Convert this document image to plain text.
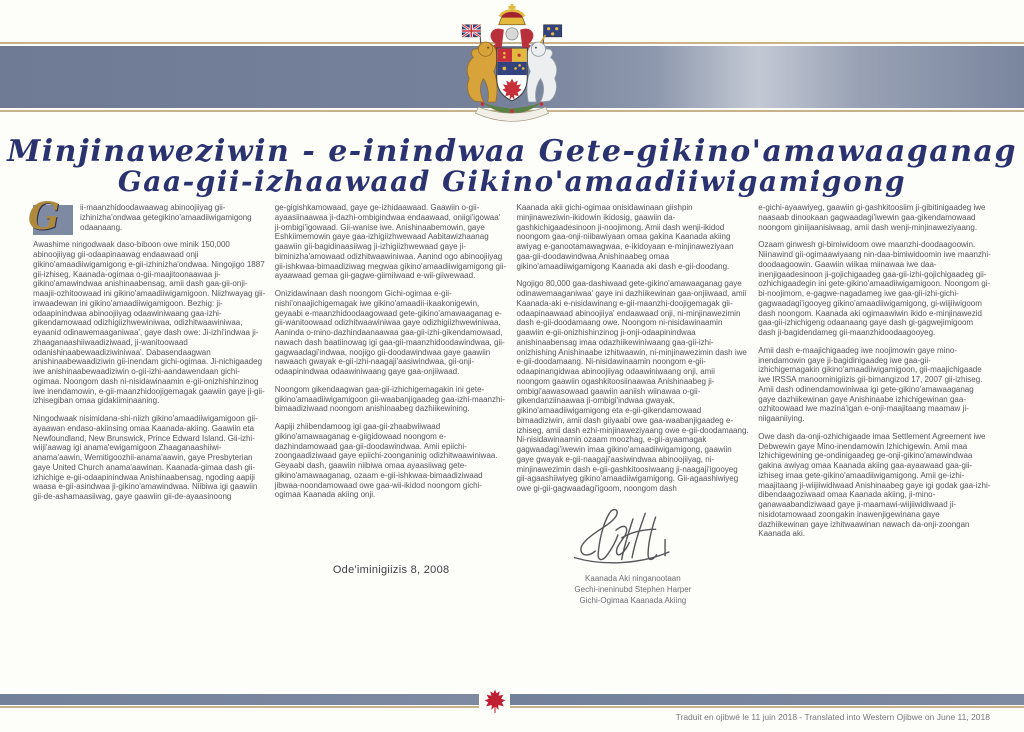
Minjinaweziwin - e-inindwaa Gete-gikino'amawaaganag
Gaa-gii-izhaawaad Gikino'amaadiiwigamigong

G	ii-maanzhidoodawaawag abinoojiiyag gii-izhinizha'ondwaa getegikino'amaadiiwigamigong odaanaang.

Awashime ningodwaak daso-biboon owe minik 150,000 abinoojiiyag gii-odaapinaawag endaawaad onji gikino'amaadiiwigamigong e-gii-izhinizha'ondwaa. Ningojigo 1887 gii-izhiseg, Kaanada-ogimaa o-gii-maajitoonaawaa ji-gikino'amawindwaa anishinaabensag, amii dash gaa-gii-onji-maajii-ozhitoowaad ini gikino'amaadiiwigamigoon. Niizhwayag gii-inwaadewan ini gikino'amaadiiwigamigoon. Bezhig: ji-odaapinindwaa abinoojiiyag odaawiniwaang gaa-izhi-gikendamowaad odizhigiizhwewiniwaa, odizhitwaawiniwaa, eyaanid odinawemaaganiwaa', gaye dash owe: Ji-izhi'indwaa ji-zhaaganaashiiwaadiziwaad, ji-wanitoowaad odanishinaabewaadiziwiniwaa'. Dabasendaagwan anishinaabewaadiziwin gii-inendam gichi-ogimaa. Ji-nichigaadeg iwe anishinaabewaadiziwin o-gii-izhi-aandawendaan gichi-ogimaa. Noongom dash ni-nisidawinaamin e-gii-onizhishinzinog iwe inendamowin, e-gii-maanzhidoojigemagak gaawiin gaye ji-gii-izhisegiban omaa gidakiiminaaning.

Ningodwaak nisimidana-shi-niizh gikino'amaadiiwigamigoon gii-ayaawan endaso-akiinsing omaa Kaanada-akiing. Gaawiin eta Newfoundland, New Brunswick, Prince Edward Island. Gii-izhi-wiiji'aawag igi anama'ewigamigoon Zhaaganaashiiwi-anama'aawin, Wemitigoozhii-anama'aawin, gaye Presbyterian gaye United Church anama'aawinan. Kaanada-gimaa dash gii-izhichige e-gii-odaapinindwaa Anishinaabensag, ngoding aapiji waasa e-gii-asindwaa ji-gikino'amawindwaa. Niibiwa igi gaawiin gii-de-ashamaasiiwag, gaye gaawiin gii-de-ayaasinoong

ge-gigishkamowaad, gaye ge-izhidaawaad. Gaawiin o-gii-ayaasiinaawaa ji-dazhi-ombigindwaa endaawaad, oniigi'igowaa' ji-ombigi'igowaad. Gii-wanise iwe. Anishinaabemowin, gaye Eshkiimemowin gaye gaa-izhigiizhwewaad Aabitawizhaanag gaawiin gii-bagidinaasiiwag ji-izhigiizhwewaad gaye ji-biminizha'amowaad odizhitwaawiniwaa. Aanind ogo abinoojiiyag gii-ishkwaa-bimaadiziwag megwaa gikino'amaadiiwigamigong gii-ayaawaad gemaa gii-gagwe-giimiiwaad e-wii-giiwewaad.

Onizidawinaan dash noongom Gichi-ogimaa e-gii-nishi'onaajichigemagak iwe gikino'amaadii-ikaakonigewin, geyaabi e-maanzhidoodaagowaad gete-gikino'amawaaganag e-gii-wanitoowaad odizhitwaawiniwaa gaye odizhigiizhwewiniwaa. Aaninda o-mino-dazhindaanaawaa gaa-gii-izhi-gikendamowaad, nawach dash baatiinowag igi gaa-gii-maanzhidoodawindwaa, gii-gagwaadagi'indwaa, noojigo gii-doodawindwaa gaye gaawiin nawaach gwayak e-gii-izhi-naagaji'aasiwindwaa, gii-onji-odaapinindwaa odaawiniwaang gaye gaa-onjiiwaad.

Noongom gikendaagwan gaa-gii-izhichigemagakin ini gete-gikino'amaadiiwigamigoon gii-waabanjigaadeg gaa-izhi-maanzhi-bimaadiziwaad noongom anishinaabeg dazhiikewining.

Aapiji zhiibendamoog igi gaa-gii-zhaabwiiwaad gikino'amawaaganag e-giigidowaad noongom e-dazhindamowaad gaa-gii-doodawindwaa. Amii epiichi-zoongaadiziwaad gaye epiichi-zoonganinig odizhitwaawiniwaa. Geyaabi dash, gaawiin niibiwa omaa ayaasiiwag gete-gikino'amawaaganag, ozaam e-gii-ishkwaa-bimaadiziwaad jibwaa-noondamowaad owe gaa-wii-ikidod noongom gichi-ogimaa Kaanada akiing onji.

Ode'iminigiizis 8, 2008

Kaanada akii gichi-ogimaa onisidawinaan giishpin minjinaweziwin-ikidowin ikidosig, gaawiin da-gashkichigaadesinoon ji-noojimong. Amii dash wenji-ikidod noongom gaa-onji-niibawiyaan omaa gakina Kaanada akiing awiyag e-ganootamawagwaa, e-ikidoyaan e-minjinaweziyaan gaa-gii-doodawindwaa Anishinaabeg omaa gikino'amaadiiwigamigong Kaanada aki dash e-gii-doodang.

Ngojigo 80,000 gaa-dashiwaad gete-gikino'amawaaganag gaye odinawemaaganiwaa' gaye ini dazhiikewinan gaa-onjiiwaad, amii Kaanada-aki e-nisidawinang e-gii-maanzhi-doojigemagak gii-odaapinaawaad abinoojiiya' endaawaad onji, ni-minjinawezimin dash e-gii-doodamaang owe. Noongom ni-nisidawinaamin gaawiin e-gii-onizhishinzinog ji-onji-odaapinindwaa anishinaabensag imaa odazhiikewiniwaang gaa-gii-izhi-onizhishing Anishinaabe izhitwaawin, ni-minjinawezimin dash iwe e-gii-doodamaang. Ni-nisidawinaamin noongom e-gii-odaapinangidwaa abinoojiiyag odaawiniwaang onji, amii noongom gaawiin ogashkitoosiinaawaa Anishinaabeg ji-ombigi'aawasowaad gaawiin aaniish wiinawaa o-gii-gikendanziinaawaa ji-ombigi'indwaa gwayak, gikino'amaadiiwigamigong eta e-gii-gikendamowaad bimaadiziwin, amii dash giiyaabi owe gaa-waabanjigaadeg e-izhiseg, amii dash ezhi-minjinaweziyaang owe e-gii-doodamaang. Ni-nisidawinaamin ozaam moozhag, e-gii-ayaamagak gagwaadagi'iwewin imaa gikino'amaadiiwigamigong, gaawiin gaye gwayak e-gii-naagaji'aasiwindwaa abinoojiiyag, ni-minjinawezimin dash e-gii-gashkitoosiwaang ji-naagaji'igooyeg gii-agaashiiwiyeg gikino'amaadiiwigamigong. Gii-agaashiwiyeg owe gi-gii-gagwaadagi'igoom, noongom dash

Kaanada Aki ninganootaan
Gechi-ineninubd Stephen Harper
Gichi-Ogimaa Kaanada Akiing

e-gichi-ayaawiyeg, gaawiin gi-gashkitoosiim ji-gibitinigaadeg iwe naasaab dinookaan gagwaadagi'iwewin gaa-gikendamowaad noongom giniijaanisiwaag, amii dash wenji-minjinaweziyaang.

Ozaam ginwesh gi-bimiwidoom owe maanzhi-doodaagoowin. Niinawind gii-ogimaawiyaang nin-daa-bimiwidoomin iwe maanzhi-doodaagoowin. Gaawiin wiikaa miinawaa iwe daa-inenjigaadesinoon ji-gojichigaadeg gaa-gii-izhi-gojichigaadeg gii-ozhichigaadegin ini gete-gikino'amaadiiwigamigoon. Noongom gi-bi-noojimom, e-gagwe-nagadameg iwe gaa-gii-izhi-gichi-gagwaadagi'igooyeg gikino'amaadiiwigamigong, gi-wiijiiwigoom dash noongom. Kaanada aki ogimaawiwin ikido e-minjinawezid gaa-gii-izhichigeng odaanaang gaye dash gi-gagwejimigoom dash ji-bagidendameg gii-maanzhidoodaagooyeg.

Amii dash e-maajichigaadeg iwe noojimowin gaye mino-inendamowin gaye ji-bagidinigaadeg iwe gaa-gii-izhichigemagakin gikino'amaadiiwigamigoon, gii-maajichigaade iwe IRSSA manoominigiizis gii-bimangizod 17, 2007 gii-izhiseg. Amii dash odinendamowiniwaa igi gete-gikino'amawaaganag gaye dazhiikewinan gaye Anishinaabe izhichigewinan gaa-ozhitoowaad iwe mazina'igan e-onji-maajitaang maamaw ji-niigaaniiying.

Owe dash da-onji-ozhichigaade imaa Settlement Agreement iwe Debwewin gaye Mino-inendamowin Izhichigewin. Amii maa Izhichigewining ge-ondinigaadeg ge-onji-gikino'amawindwaa gakina awiyag omaa Kaanada akiing gaa-ayaawaad gaa-gii-izhiseg imaa gete-gikino'amaadiiwigamigong. Amii ge-izhi-maajitaang ji-wiijiiwidiwaad Anishinaabeg gaye igi godak gaa-izhi-dibendaagoziwaad omaa Kaanada akiing, ji-mino-ganawaabandiziwaad gaye ji-maamawi-wiijiiwidiwaad ji-nisidotamowaad zoongakin inawenjigewinana gaye dazhiikewinan gaye izhitwaawinan nawach da-onji-zoongan Kaanada aki.

Traduit en ojibwé le 11 juin 2018 - Translated into Western Ojibwe on June 11, 2018
